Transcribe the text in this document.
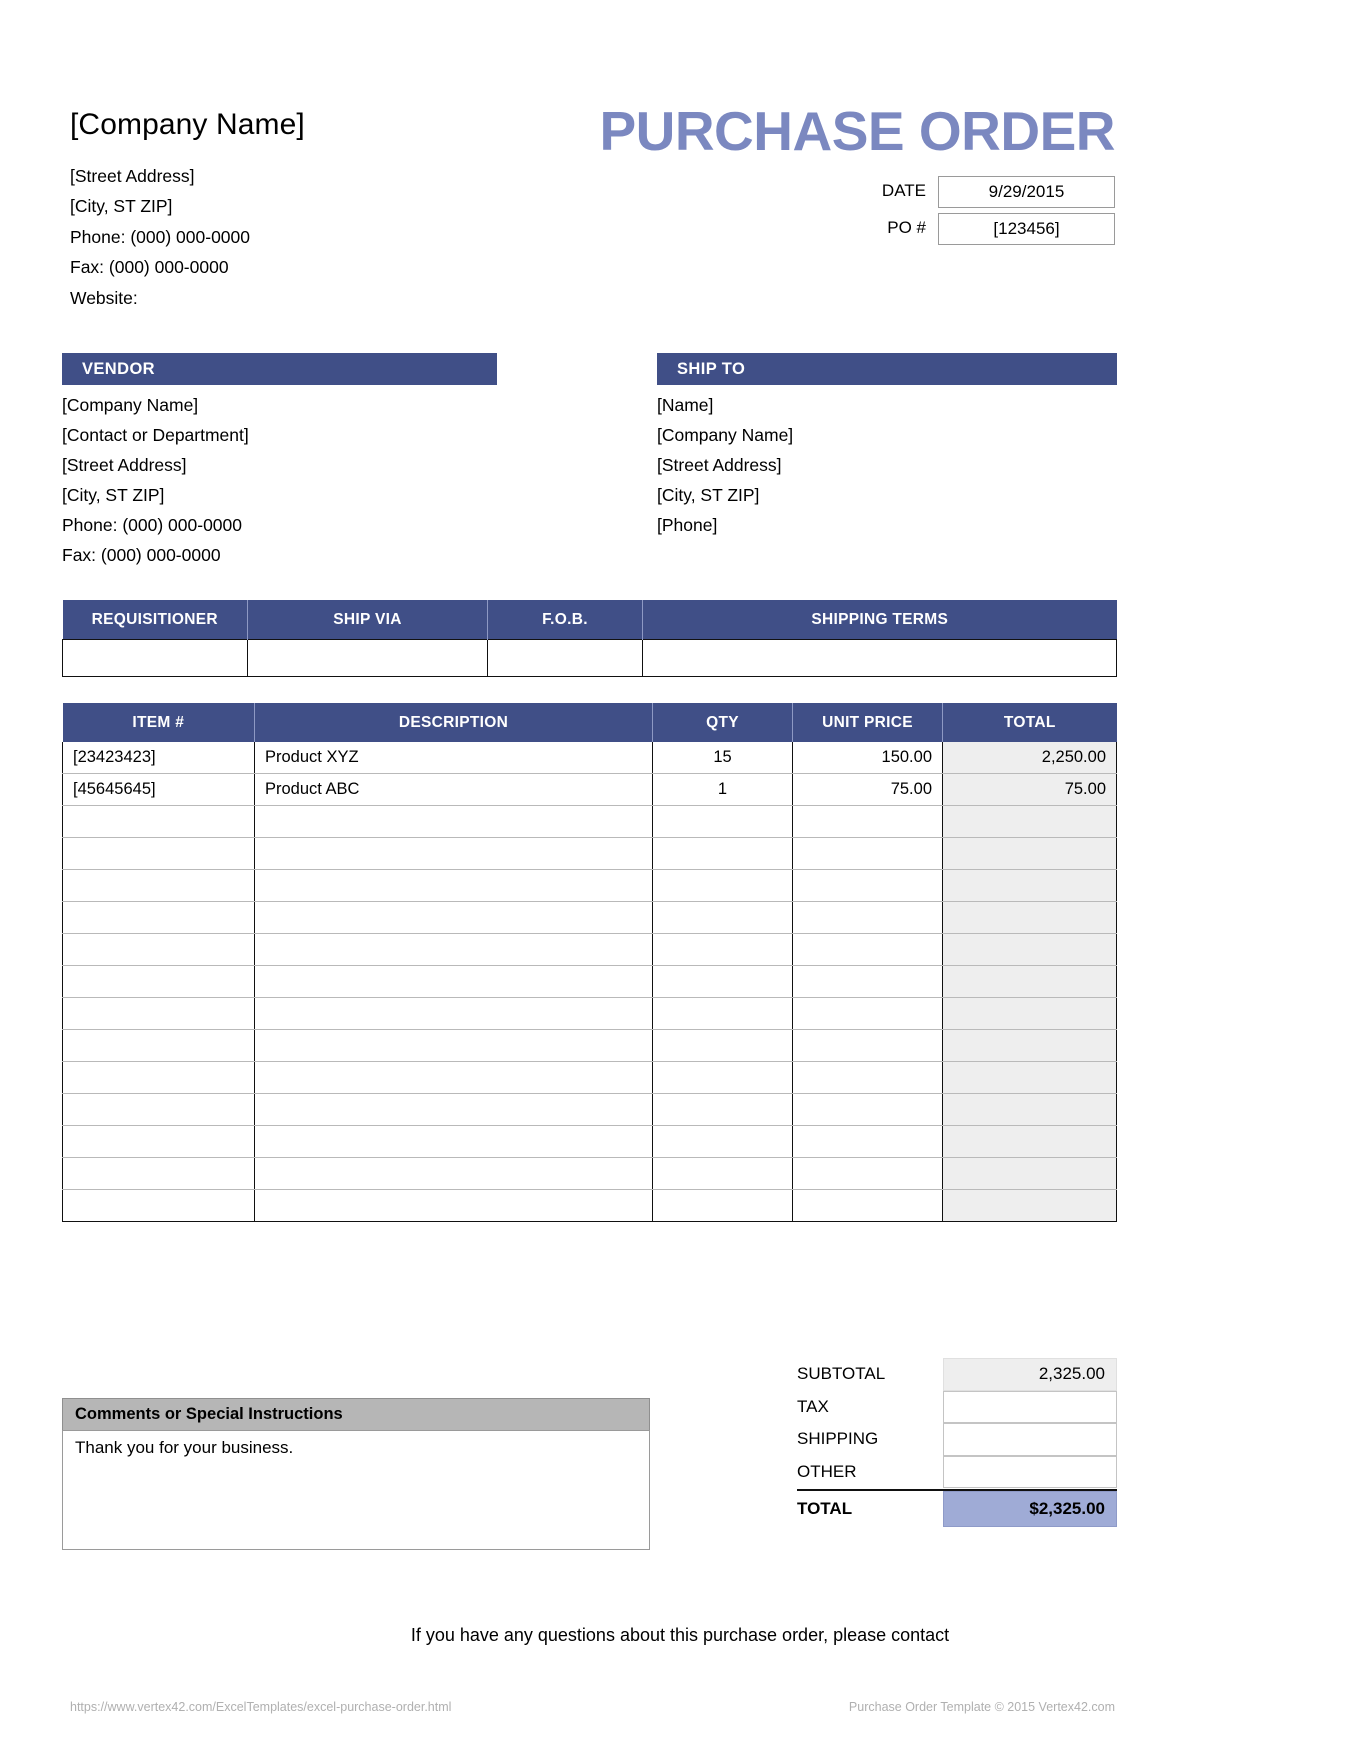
[Company Name]
[Street Address]
[City, ST ZIP]
Phone: (000) 000-0000
Fax: (000) 000-0000
Website:
PURCHASE ORDER
DATE	9/29/2015
PO #	[123456]
VENDOR
[Company Name]
[Contact or Department]
[Street Address]
[City, ST ZIP]
Phone: (000) 000-0000
Fax: (000) 000-0000
SHIP TO
[Name]
[Company Name]
[Street Address]
[City, ST ZIP]
[Phone]
REQUISITIONER	SHIP VIA	F.O.B.	SHIPPING TERMS

ITEM #	DESCRIPTION	QTY	UNIT PRICE	TOTAL
[23423423]	Product XYZ	15	150.00	2,250.00
[45645645]	Product ABC	1	75.00	75.00

Comments or Special Instructions
Thank you for your business.
SUBTOTAL	2,325.00
TAX
SHIPPING
OTHER
TOTAL	$2,325.00
If you have any questions about this purchase order, please contact
https://www.vertex42.com/ExcelTemplates/excel-purchase-order.html	Purchase Order Template © 2015 Vertex42.com
